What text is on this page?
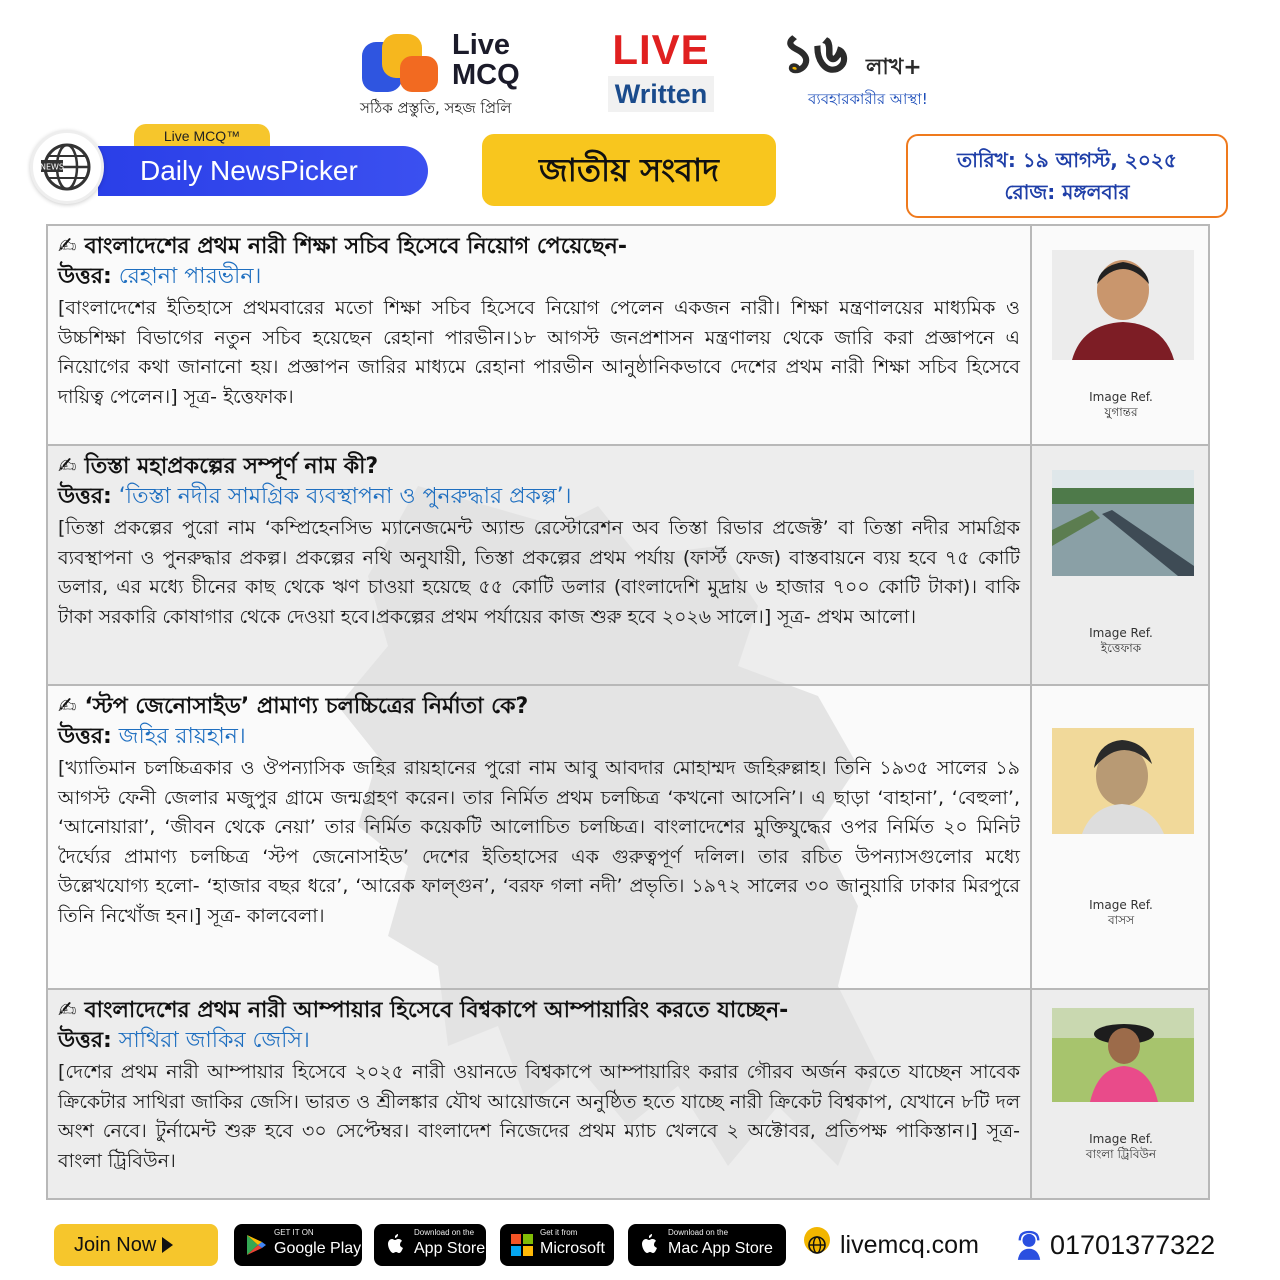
Live
MCQ
সঠিক প্রস্তুতি, সহজ প্রিলি
LIVE
Written
১৬ লাখ+
ব্যবহারকারীর আস্থা!
Live MCQ™
Daily NewsPicker
NEWS	জাতীয় সংবাদ	তারিখ: ১৯ আগস্ট, ২০২৫
রোজ: মঙ্গলবার
✍ বাংলাদেশের প্রথম নারী শিক্ষা সচিব হিসেবে নিয়োগ পেয়েছেন-
উত্তর: রেহানা পারভীন।
[বাংলাদেশের ইতিহাসে প্রথমবারের মতো শিক্ষা সচিব হিসেবে নিয়োগ পেলেন একজন নারী। শিক্ষা মন্ত্রণালয়ের মাধ্যমিক ও উচ্চশিক্ষা বিভাগের নতুন সচিব হয়েছেন রেহানা পারভীন।১৮ আগস্ট জনপ্রশাসন মন্ত্রণালয় থেকে জারি করা প্রজ্ঞাপনে এ নিয়োগের কথা জানানো হয়। প্রজ্ঞাপন জারির মাধ্যমে রেহানা পারভীন আনুষ্ঠানিকভাবে দেশের প্রথম নারী শিক্ষা সচিব হিসেবে দায়িত্ব পেলেন।] সূত্র- ইত্তেফাক।	Image Ref.
যুগান্তর
✍ তিস্তা মহাপ্রকল্পের সম্পূর্ণ নাম কী?
উত্তর: ‘তিস্তা নদীর সামগ্রিক ব্যবস্থাপনা ও পুনরুদ্ধার প্রকল্প’।
[তিস্তা প্রকল্পের পুরো নাম ‘কম্প্রিহেনসিভ ম্যানেজমেন্ট অ্যান্ড রেস্টোরেশন অব তিস্তা রিভার প্রজেক্ট’ বা তিস্তা নদীর সামগ্রিক ব্যবস্থাপনা ও পুনরুদ্ধার প্রকল্প। প্রকল্পের নথি অনুযায়ী, তিস্তা প্রকল্পের প্রথম পর্যায় (ফার্স্ট ফেজ) বাস্তবায়নে ব্যয় হবে ৭৫ কোটি ডলার, এর মধ্যে চীনের কাছ থেকে ঋণ চাওয়া হয়েছে ৫৫ কোটি ডলার (বাংলাদেশি মুদ্রায় ৬ হাজার ৭০০ কোটি টাকা)। বাকি টাকা সরকারি কোষাগার থেকে দেওয়া হবে।প্রকল্পের প্রথম পর্যায়ের কাজ শুরু হবে ২০২৬ সালে।] সূত্র- প্রথম আলো।
Image Ref.
ইত্তেফাক
✍ ‘স্টপ জেনোসাইড’ প্রামাণ্য চলচ্চিত্রের নির্মাতা কে?
উত্তর: জহির রায়হান।
[খ্যাতিমান চলচ্চিত্রকার ও ঔপন্যাসিক জহির রায়হানের পুরো নাম আবু আবদার মোহাম্মদ জহিরুল্লাহ। তিনি ১৯৩৫ সালের ১৯ আগস্ট ফেনী জেলার মজুপুর গ্রামে জন্মগ্রহণ করেন। তার নির্মিত প্রথম চলচ্চিত্র ‘কখনো আসেনি’। এ ছাড়া ‘বাহানা’, ‘বেহুলা’, ‘আনোয়ারা’, ‘জীবন থেকে নেয়া’ তার নির্মিত কয়েকটি আলোচিত চলচ্চিত্র। বাংলাদেশের মুক্তিযুদ্ধের ওপর নির্মিত ২০ মিনিট দৈর্ঘ্যের প্রামাণ্য চলচ্চিত্র ‘স্টপ জেনোসাইড’ দেশের ইতিহাসের এক গুরুত্বপূর্ণ দলিল। তার রচিত উপন্যাসগুলোর মধ্যে উল্লেখযোগ্য হলো- ‘হাজার বছর ধরে’, ‘আরেক ফাল্গুন’, ‘বরফ গলা নদী’ প্রভৃতি। ১৯৭২ সালের ৩০ জানুয়ারি ঢাকার মিরপুরে তিনি নিখোঁজ হন।] সূত্র- কালবেলা।	Image Ref.
বাসস
✍ বাংলাদেশের প্রথম নারী আম্পায়ার হিসেবে বিশ্বকাপে আম্পায়ারিং করতে যাচ্ছেন-
উত্তর: সাথিরা জাকির জেসি।
[দেশের প্রথম নারী আম্পায়ার হিসেবে ২০২৫ নারী ওয়ানডে বিশ্বকাপে আম্পায়ারিং করার গৌরব অর্জন করতে যাচ্ছেন সাবেক ক্রিকেটার সাথিরা জাকির জেসি। ভারত ও শ্রীলঙ্কার যৌথ আয়োজনে অনুষ্ঠিত হতে যাচ্ছে নারী ক্রিকেট বিশ্বকাপ, যেখানে ৮টি দল অংশ নেবে। টুর্নামেন্ট শুরু হবে ৩০ সেপ্টেম্বর। বাংলাদেশ নিজেদের প্রথম ম্যাচ খেলবে ২ অক্টোবর, প্রতিপক্ষ পাকিস্তান।] সূত্র- বাংলা ট্রিবিউন।
Image Ref.
বাংলা ট্রিবিউন
Join Now
GET IT ON
Google Play
Download on the
App Store
Get it from
Microsoft
Download on the
Mac App Store	livemcq.com	01701377322
